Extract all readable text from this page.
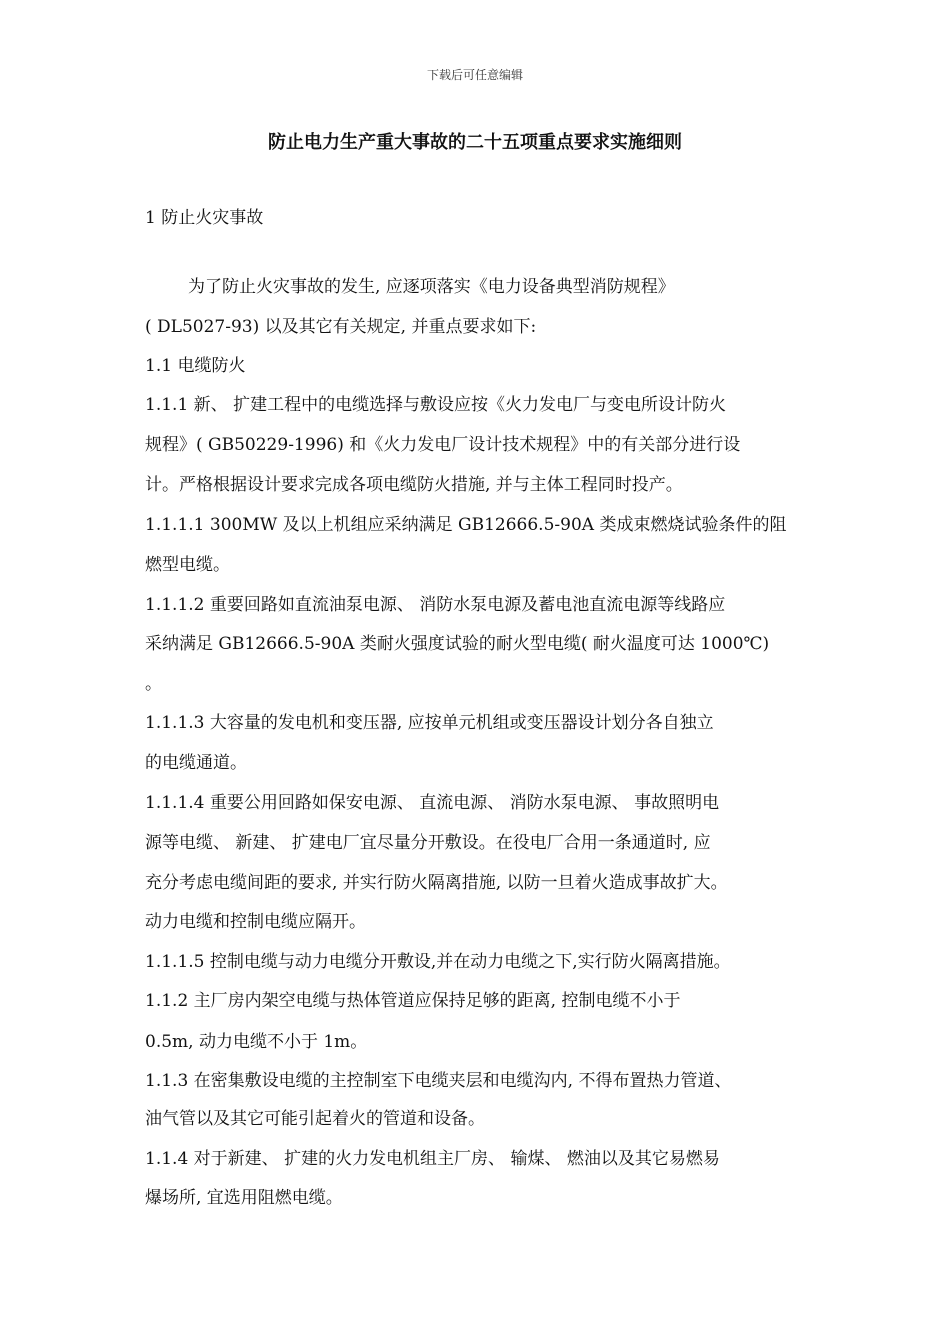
下载后可任意编辑
防止电力生产重大事故的二十五项重点要求实施细则
1 防止火灾事故
为了防止火灾事故的发生, 应逐项落实《电力设备典型消防规程》
( DL5027-93) 以及其它有关规定, 并重点要求如下:
1.1 电缆防火
1.1.1 新、 扩建工程中的电缆选择与敷设应按《火力发电厂与变电所设计防火
规程》( GB50229-1996) 和《火力发电厂设计技术规程》中的有关部分进行设
计。严格根据设计要求完成各项电缆防火措施, 并与主体工程同时投产。
1.1.1.1 300MW 及以上机组应采纳满足 GB12666.5-90A 类成束燃烧试验条件的阻
燃型电缆。
1.1.1.2 重要回路如直流油泵电源、 消防水泵电源及蓄电池直流电源等线路应
采纳满足 GB12666.5-90A 类耐火强度试验的耐火型电缆( 耐火温度可达 1000℃)
。
1.1.1.3 大容量的发电机和变压器, 应按单元机组或变压器设计划分各自独立
的电缆通道。
1.1.1.4 重要公用回路如保安电源、 直流电源、 消防水泵电源、 事故照明电
源等电缆、 新建、 扩建电厂宜尽量分开敷设。在役电厂合用一条通道时, 应
充分考虑电缆间距的要求, 并实行防火隔离措施, 以防一旦着火造成事故扩大。
动力电缆和控制电缆应隔开。
1.1.1.5 控制电缆与动力电缆分开敷设,并在动力电缆之下,实行防火隔离措施。
1.1.2 主厂房内架空电缆与热体管道应保持足够的距离, 控制电缆不小于
0.5m, 动力电缆不小于 1m。
1.1.3 在密集敷设电缆的主控制室下电缆夹层和电缆沟内, 不得布置热力管道、
油气管以及其它可能引起着火的管道和设备。
1.1.4 对于新建、 扩建的火力发电机组主厂房、 输煤、 燃油以及其它易燃易
爆场所, 宜选用阻燃电缆。
